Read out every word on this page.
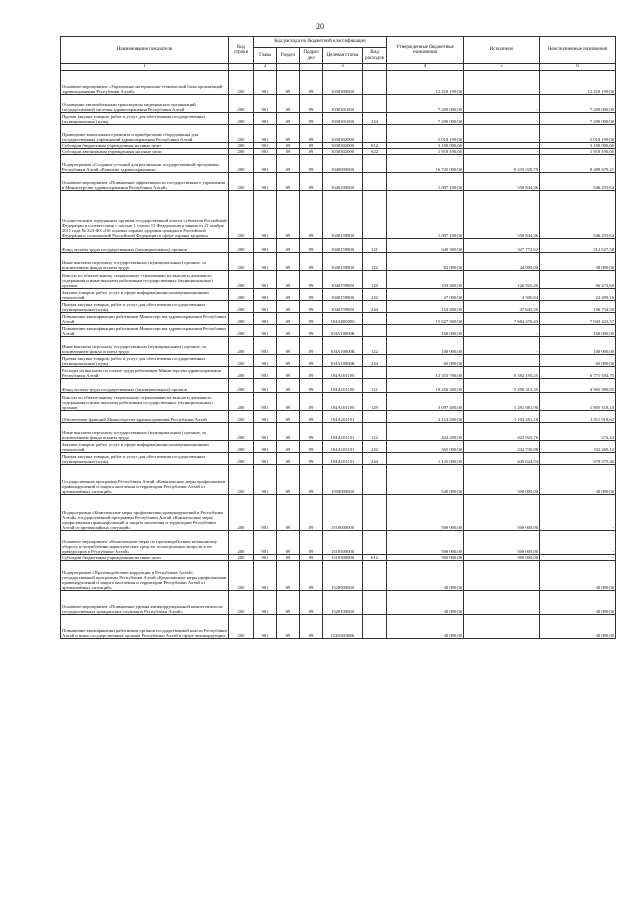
20
Наименование показателя	Код строки	Код расхода по бюджетной классификации					Утвержденные бюджетные назначения	Исполнено	Неисполненные назначения
		Глава	Раздел	Подраз дел	Целевая статья	Вид расходов			
1		2			3		4	5	6
Основное мероприятие «Укрепление материально-технической базы организаций здравоохранения Республики Алтай»	200	901	09	09	1030300000		12 218 190,00	-	12 218 190,00
Оснащение автомобильным транспортом медицинских организаций государственной системы здравоохранения Республики Алтай	200	901	09	09	1030301000		7 200 000,00	-	7 200 000,00
Прочая закупка товаров, работ и услуг для обеспечения государственных (муниципальных) нужд	200	901	09	09	1030301000	244	7 200 000,00	-	7 200 000,00
Проведение капитального ремонта и приобретение оборудования для государственных учреждений здравоохранения Республики Алтай	200	901	09	09	1030302000		5 018 190,00	-	5 018 190,00
Субсидии бюджетным учреждениям на иные цели	200	901	09	09	1030302000	612	3 100 000,00	-	3 100 000,00
Субсидии автономным учреждениям на иные цели	200	901	09	09	1030302000	622	1 918 190,00	-	1 918 190,00
Подпрограмма «Создание условий для реализации государственной программы Республики Алтай «Развитие здравоохранения»	200	901	09	09	1040000000		16 725 000,00	8 235 320,79	8 489 679,21
Основное мероприятие «Повышение эффективности государственного управления в Министерстве здравоохранения Республики Алтай»	200	901	09	09	1040100000		1 097 100,00	550 844,36	546 255,64
Осуществление переданных органам государственной власти субъектов Российской Федерации в соответствии с частью 1 статьи 15 Федерального закона от 21 ноября 2011 года № 323-ФЗ «Об основах охраны здоровья граждан в Российской Федерации» полномочий Российской Федерации в сфере охраны здоровья	200	901	09	09	1040159800		1 097 100,00	550 844,36	546 255,64
Фонд оплаты труда государственных (муниципальных) органов	200	901	09	09	1040159800	121	640 300,00	327 772,62	312 527,38
Иные выплаты персоналу государственных (муниципальных) органов, за исключением фонда оплаты труда	200	901	09	09	1040159800	122	82 000,00	44 000,00	38 000,00
Взносы по обязательному социальному страхованию на выплаты денежного содержания и иные выплаты работникам государственных (муниципальных) органов	200	901	09	09	1040159800	129	193 400,00	126 925,40	66 474,60
Закупка товаров, работ, услуг в сфере информационно-коммуникационных технологий	200	901	09	09	1040159800	242	27 000,00	4 500,84	22 499,16
Прочая закупка товаров, работ и услуг для обеспечения государственных (муниципальных) нужд	200	901	09	09	1040159800	244	154 400,00	47 645,50	106 754,50
Повышение квалификации работников Министерства здравоохранения Республики Алтай	200	901	09	09	104А000000		15 627 900,00	7 684 476,43	7 943 423,57
Повышение квалификации работников Министерства здравоохранения Республики Алтай	200	901	09	09	104А10000К		160 000,00	-	160 000,00
Иные выплаты персоналу государственных (муниципальных) органов, за исключением фонда оплаты труда	200	901	09	09	104А10000К	122	100 000,00	-	100 000,00
Прочая закупка товаров, работ и услуг для обеспечения государственных (муниципальных) нужд	200	901	09	09	104А10000К	244	60 000,00	-	60 000,00
Расходы на выплаты по оплате труда работников Министерства здравоохранения Республики Алтай	200	901	09	09	104А101100		13 353 700,00	6 582 195,25	6 771 504,75
Фонд оплаты труда государственных (муниципальных) органов	200	901	09	09	104А101100	121	10 256 300,00	5 290 313,35	4 965 986,65
Взносы по обязательному социальному страхованию на выплаты денежного содержания и иные выплаты работникам государственных (муниципальных) органов	200	901	09	09	104А101100	129	3 097 400,00	1 291 881,90	1 805 518,10
Обеспечение функций Министерства здравоохранения Республики Алтай	200	901	09	09	104А101191		2 114 200,00	1 102 281,18	1 011 918,82
Иные выплаты персоналу государственных (муниципальных) органов, за исключением фонда оплаты труда	200	901	09	09	104А101191	122	424 200,00	423 925,76	274,24
Закупка товаров, работ, услуг в сфере информационно-коммуникационных технологий	200	901	09	09	104А101191	242	565 000,00	232 730,88	332 269,12
Прочая закупка товаров, работ и услуг для обеспечения государственных (муниципальных) нужд	200	901	09	09	104А101191	244	1 125 000,00	445 624,54	679 375,46
Государственная программа Республики Алтай «Комплексные меры профилактики правонарушений и защита населения и территории Республики Алтай от чрезвычайных ситуаций»	200	901	09	09	1500000000		540 000,00	500 000,00	40 000,00
Подпрограмма «Комплексные меры профилактики правонарушений в Республике Алтай» государственной программы Республики Алтай «Комплексные меры профилактики правонарушений и защита населения и территории Республики Алтай от чрезвычайных ситуаций»	200	901	09	09	1510000000		500 000,00	500 000,00	-
Основное мероприятие «Комплексные меры по противодействию незаконному обороту и потреблению наркотических средств, психотропных веществ и их прекурсоров в Республике Алтай»	200	901	09	09	1510300000		500 000,00	500 000,00	-
Субсидии бюджетным учреждениям на иные цели	200	901	09	09	1510300000	612	500 000,00	500 000,00	-
Подпрограмма «Противодействие коррупции в Республике Алтай» государственной программы Республики Алтай «Комплексные меры профилактики правонарушений и защита населения и территории Республики Алтай от чрезвычайных ситуаций»	200	901	09	09	1520000000		40 000,00	-	40 000,00
Основное мероприятие «Повышение уровня антикоррупционной компетентности государственных гражданских служащих Республики Алтай»	200	901	09	09	1520100000		40 000,00	-	40 000,00
Повышение квалификации работников органов государственной власти Республики Алтай и иных государственных органов Республики Алтай в сфере антикоррупции	200	901	09	09	152010000К		40 000,00	-	40 000,00
